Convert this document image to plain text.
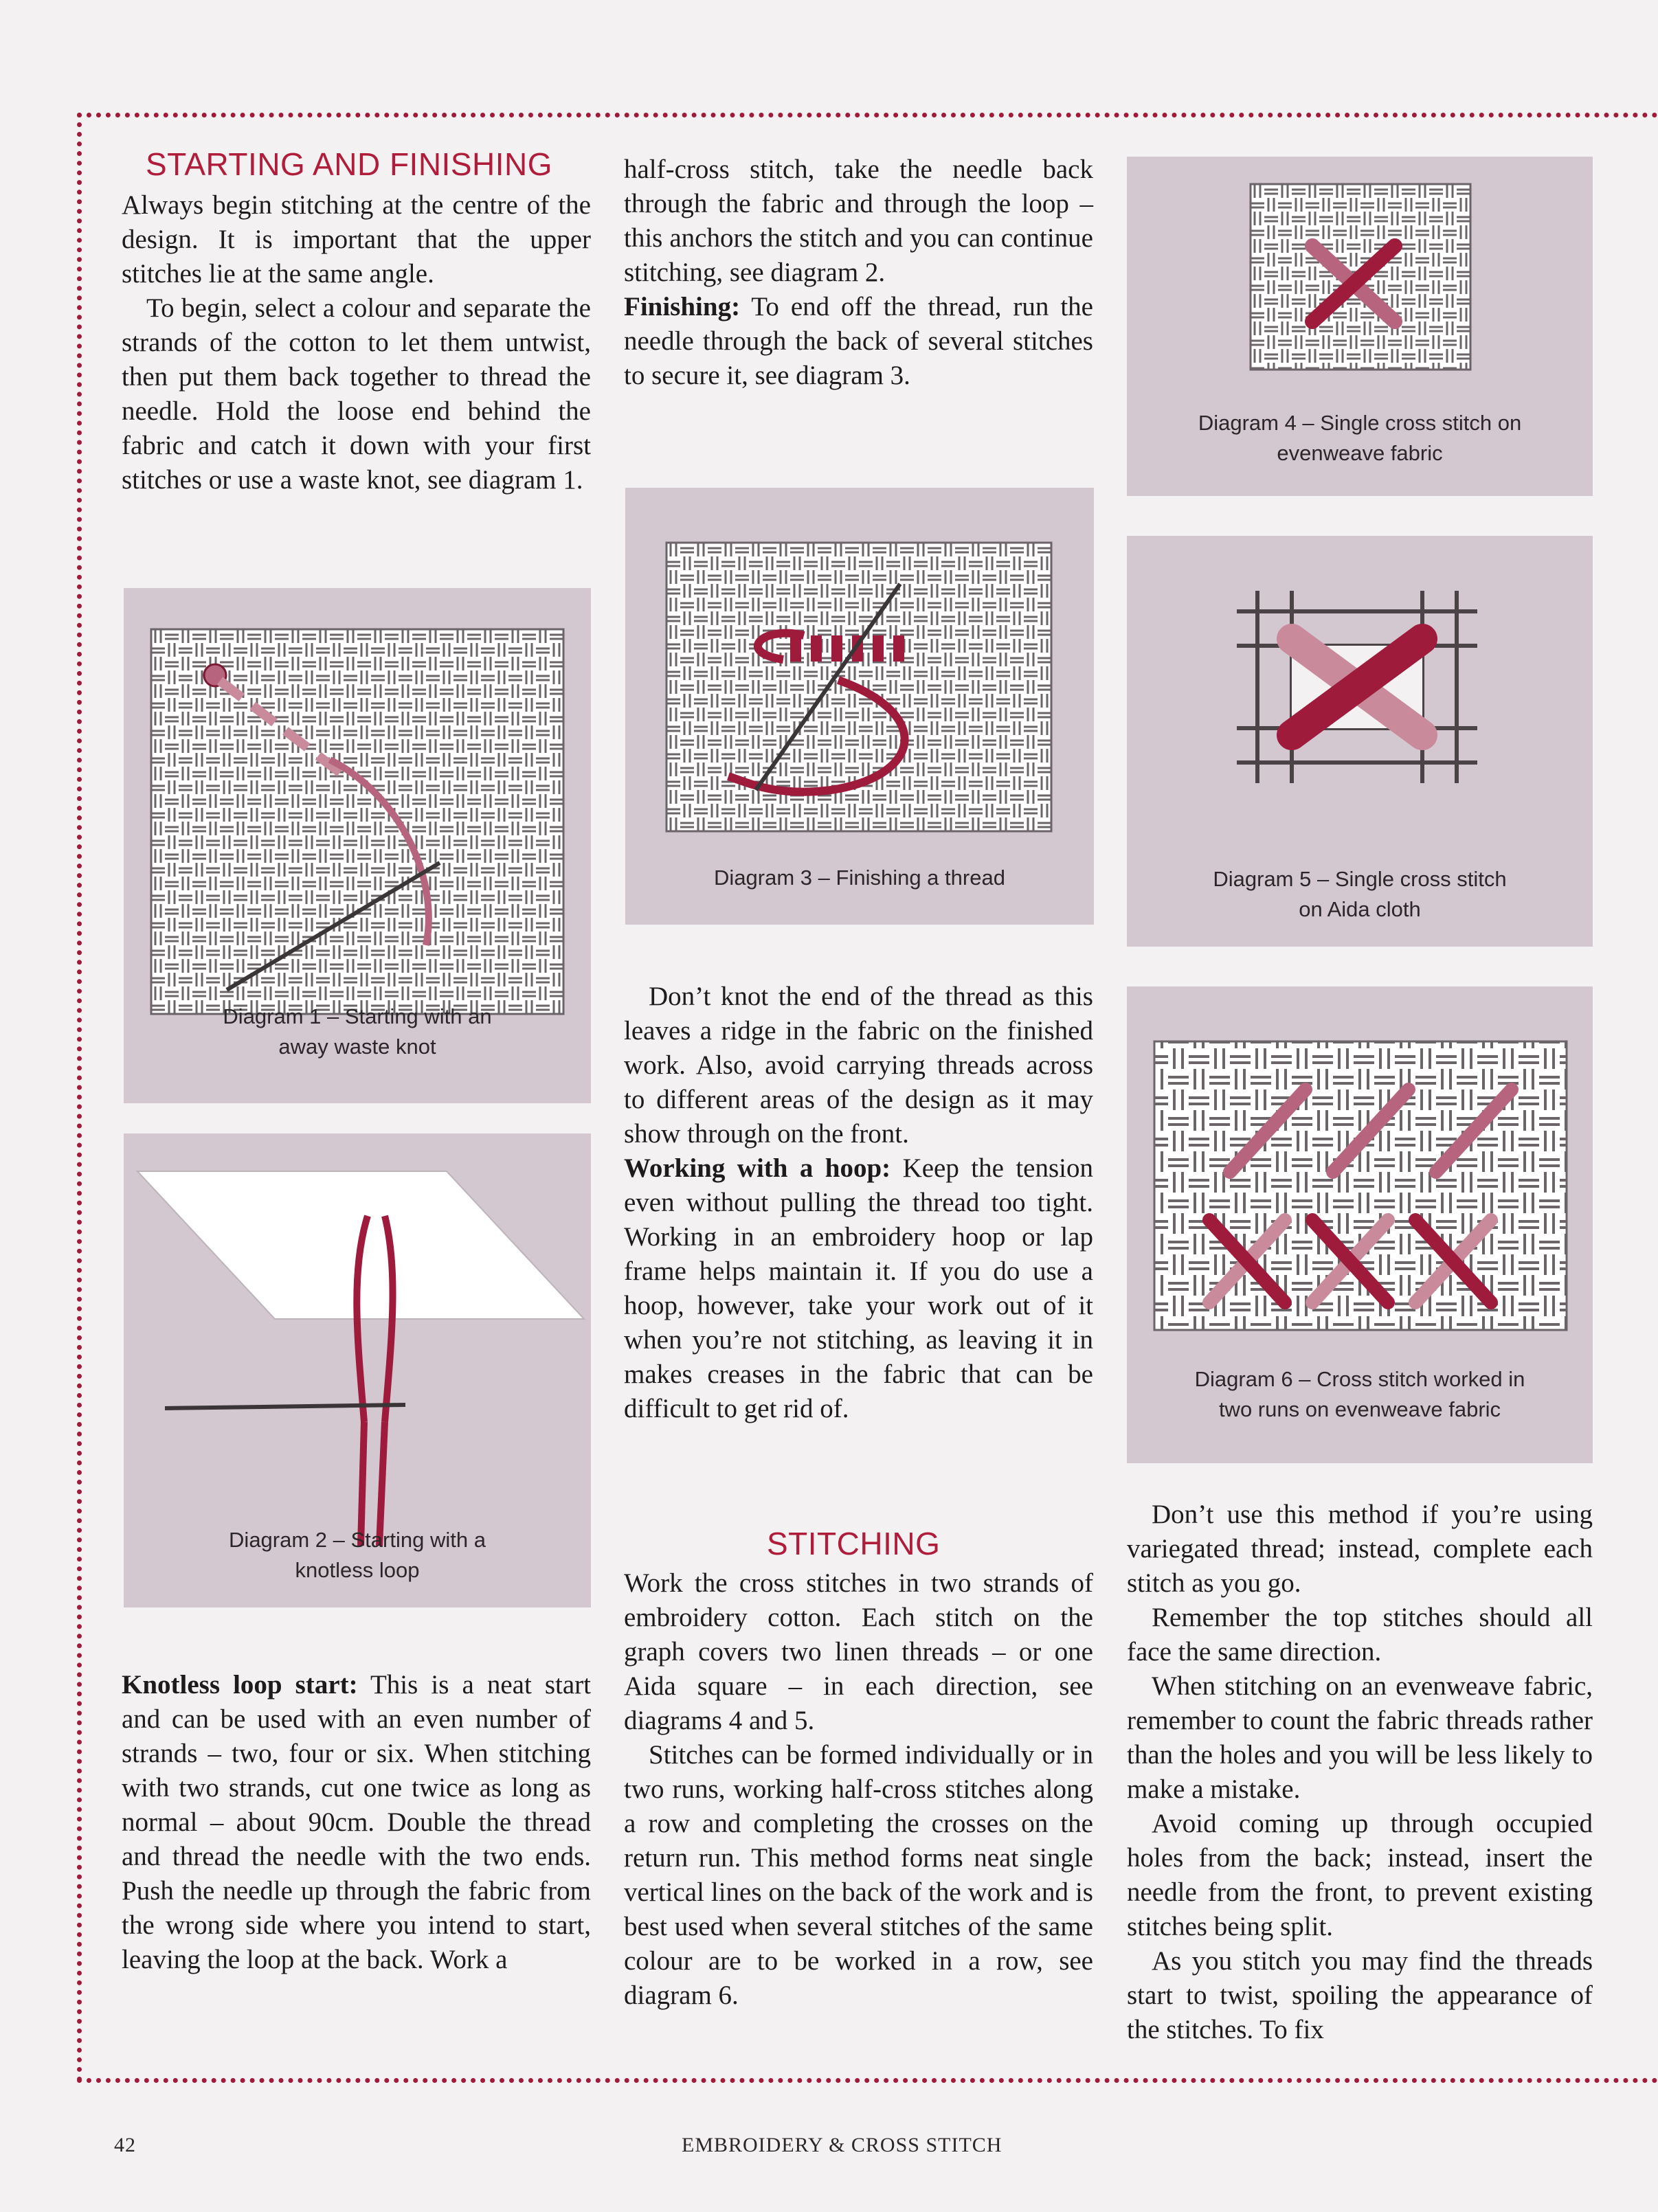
STARTING AND FINISHING

Always begin stitching at the centre of the design. It is important that the upper stitches lie at the same angle.

To begin, select a colour and separate the strands of the cotton to let them untwist, then put them back together to thread the needle. Hold the loose end behind the fabric and catch it down with your first stitches or use a waste knot, see diagram 1.

Diagram 1 – Starting with an
away waste knot
Diagram 2 – Starting with a
knotless loop

Knotless loop start: This is a neat start and can be used with an even number of strands – two, four or six. When stitching with two strands, cut one twice as long as normal – about 90cm. Double the thread and thread the needle with the two ends. Push the needle up through the fabric from the wrong side where you intend to start, leaving the loop at the back. Work a

half-cross stitch, take the needle back through the fabric and through the loop – this anchors the stitch and you can continue stitching, see diagram 2.

Finishing: To end off the thread, run the needle through the back of several stitches to secure it, see diagram 3.

Diagram 3 – Finishing a thread

Don’t knot the end of the thread as this leaves a ridge in the fabric on the finished work. Also, avoid carrying threads across to different areas of the design as it may show through on the front.

Working with a hoop: Keep the tension even without pulling the thread too tight. Working in an embroidery hoop or lap frame helps maintain it. If you do use a hoop, however, take your work out of it when you’re not stitching, as leaving it in makes creases in the fabric that can be difficult to get rid of.

STITCHING

Work the cross stitches in two strands of embroidery cotton. Each stitch on the graph covers two linen threads – or one Aida square – in each direction, see diagrams 4 and 5.

Stitches can be formed individually or in two runs, working half-cross stitches along a row and completing the crosses on the return run. This method forms neat single vertical lines on the back of the work and is best used when several stitches of the same colour are to be worked in a row, see diagram 6.

Diagram 4 – Single cross stitch on
evenweave fabric
Diagram 5 – Single cross stitch
on Aida cloth
Diagram 6 – Cross stitch worked in
two runs on evenweave fabric

Don’t use this method if you’re using variegated thread; instead, complete each stitch as you go.

Remember the top stitches should all face the same direction.

When stitching on an evenweave fabric, remember to count the fabric threads rather than the holes and you will be less likely to make a mistake.

Avoid coming up through occupied holes from the back; instead, insert the needle from the front, to prevent existing stitches being split.

As you stitch you may find the threads start to twist, spoiling the appearance of the stitches. To fix

42	EMBROIDERY & CROSS STITCH
